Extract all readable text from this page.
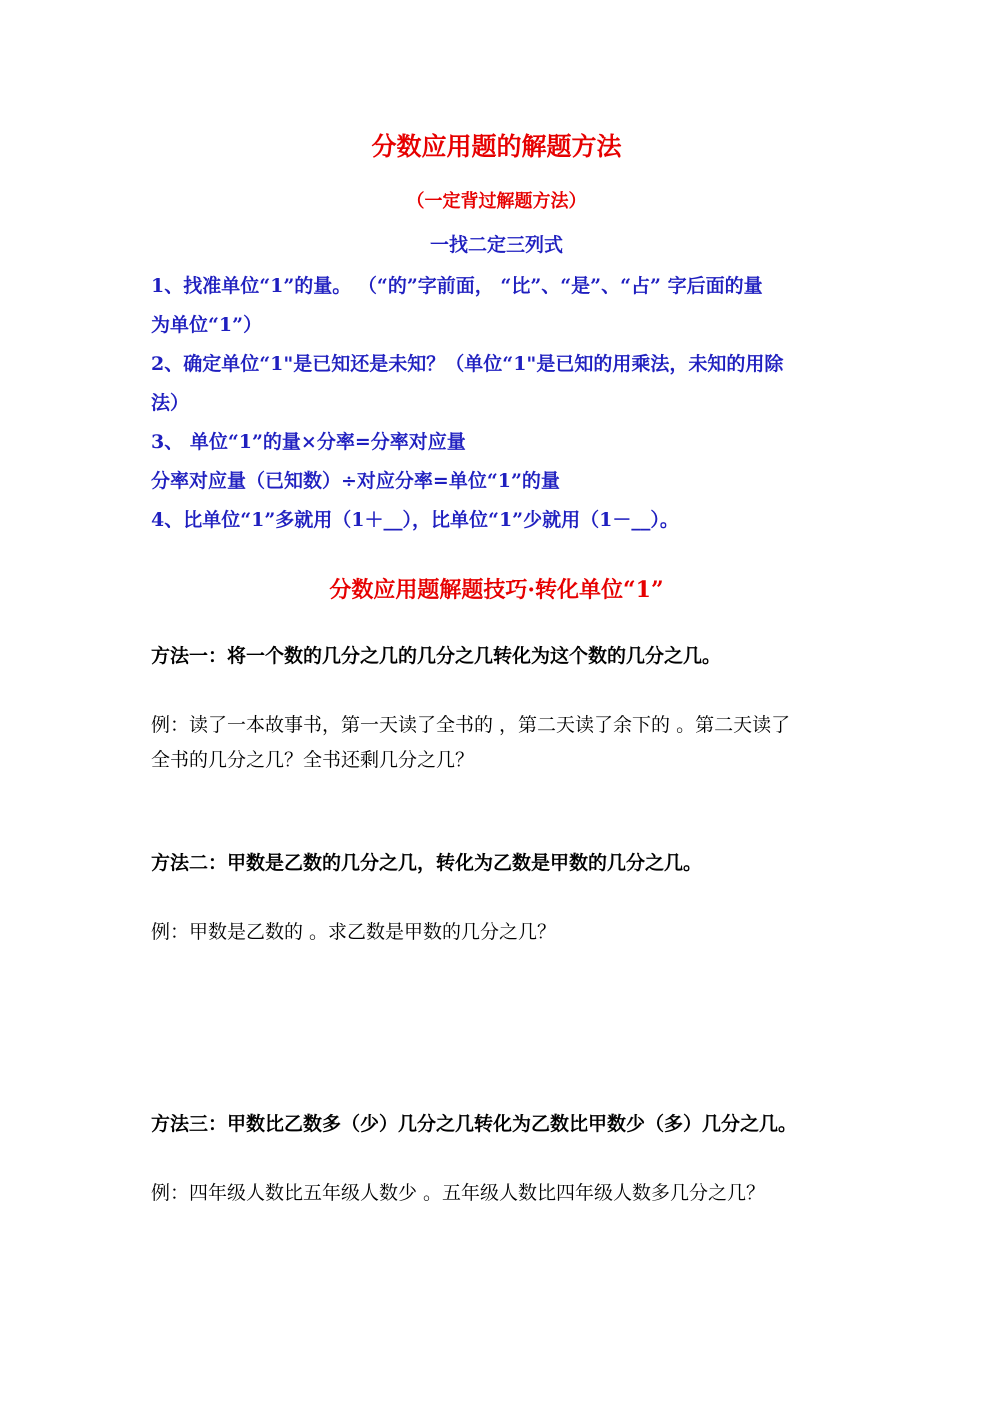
分数应用题的解题方法
（一定背过解题方法）
一找二定三列式
1、找准单位“1”的量。 （“的”字前面， “比”、“是”、“占” 字后面的量
为单位“1”）
2、确定单位“1"是已知还是未知？（单位“1"是已知的用乘法，未知的用除
法）
3、 单位“1”的量×分率=分率对应量
分率对应量（已知数）÷对应分率=单位“1”的量
4、比单位“1”多就用（1＋__），比单位“1”少就用（1－__）。
分数应用题解题技巧·转化单位“1”
方法一：将一个数的几分之几的几分之几转化为这个数的几分之几。
例：读了一本故事书，第一天读了全书的 ，第二天读了余下的 。第二天读了
全书的几分之几？全书还剩几分之几？
方法二：甲数是乙数的几分之几，转化为乙数是甲数的几分之几。
例：甲数是乙数的 。求乙数是甲数的几分之几？
方法三：甲数比乙数多（少）几分之几转化为乙数比甲数少（多）几分之几。
例：四年级人数比五年级人数少 。五年级人数比四年级人数多几分之几？
